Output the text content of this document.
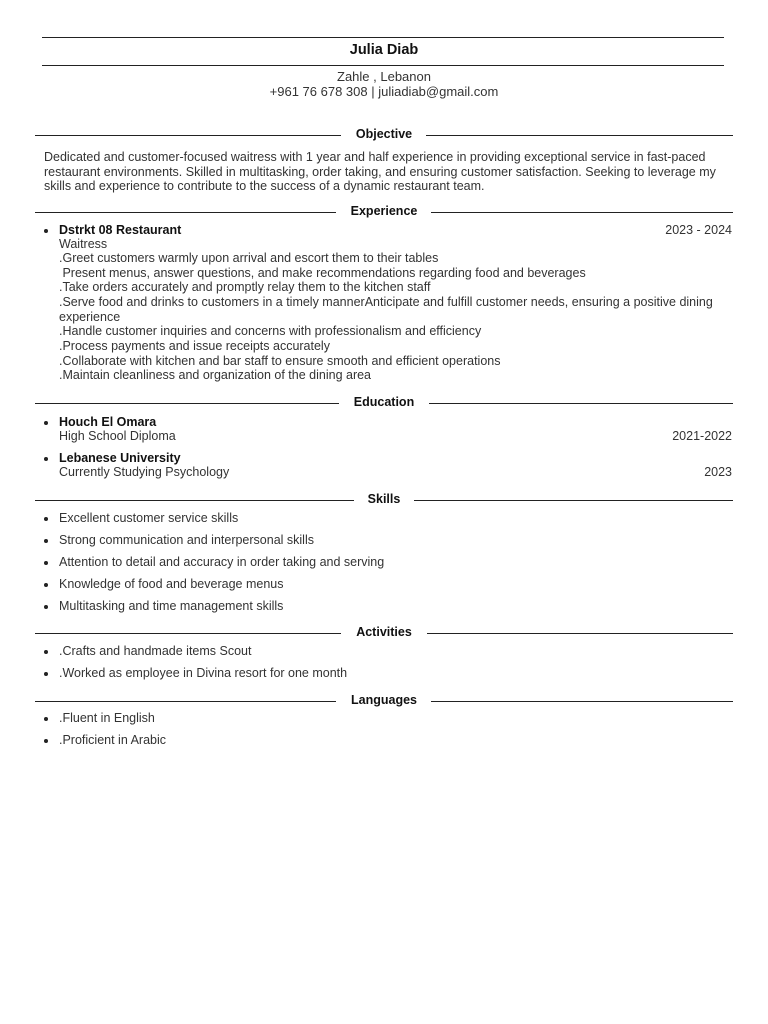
Julia Diab
Zahle , Lebanon
+961 76 678 308 | juliadiab@gmail.com
Objective
Dedicated and customer-focused waitress with 1 year and half experience in providing exceptional service in fast-paced restaurant environments. Skilled in multitasking, order taking, and ensuring customer satisfaction. Seeking to leverage my skills and experience to contribute to the success of a dynamic restaurant team.
Experience
Dstrkt 08 Restaurant	2023 - 2024
Waitress
.Greet customers warmly upon arrival and escort them to their tables
Present menus, answer questions, and make recommendations regarding food and beverages
.Take orders accurately and promptly relay them to the kitchen staff
.Serve food and drinks to customers in a timely mannerAnticipate and fulfill customer needs, ensuring a positive dining experience
.Handle customer inquiries and concerns with professionalism and efficiency
.Process payments and issue receipts accurately
.Collaborate with kitchen and bar staff to ensure smooth and efficient operations
.Maintain cleanliness and organization of the dining area
Education
Houch El Omara
High School Diploma	2021-2022
Lebanese University
Currently Studying Psychology	2023
Skills
Excellent customer service skills
Strong communication and interpersonal skills
Attention to detail and accuracy in order taking and serving
Knowledge of food and beverage menus
Multitasking and time management skills
Activities
.Crafts and handmade items Scout
.Worked as employee in Divina resort for one month
Languages
.Fluent in English
.Proficient in Arabic
